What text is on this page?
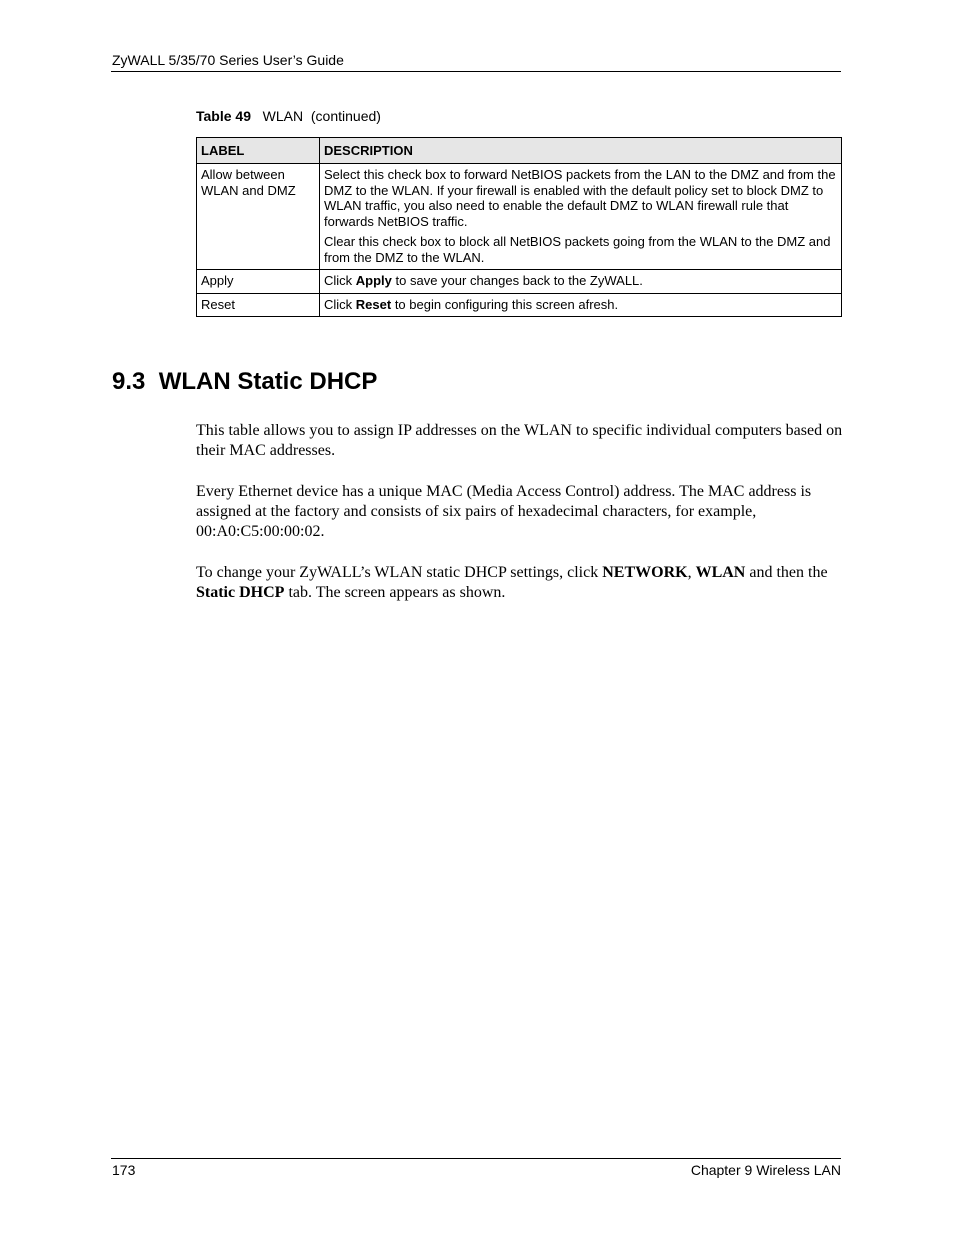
ZyWALL 5/35/70 Series User’s Guide
Table 49 WLAN  (continued)
LABEL	DESCRIPTION
Allow between WLAN and DMZ	Select this check box to forward NetBIOS packets from the LAN to the DMZ and from the DMZ to the WLAN. If your firewall is enabled with the default policy set to block DMZ to WLAN traffic, you also need to enable the default DMZ to WLAN firewall rule that forwards NetBIOS traffic.

Clear this check box to block all NetBIOS packets going from the WLAN to the DMZ and from the DMZ to the WLAN.

Apply	Click Apply to save your changes back to the ZyWALL.
Reset	Click Reset to begin configuring this screen afresh.
9.3  WLAN Static DHCP

This table allows you to assign IP addresses on the WLAN to specific individual computers based on their MAC addresses.

Every Ethernet device has a unique MAC (Media Access Control) address. The MAC address is assigned at the factory and consists of six pairs of hexadecimal characters, for example, 00:A0:C5:00:00:02.

To change your ZyWALL’s WLAN static DHCP settings, click NETWORK, WLAN and then the Static DHCP tab. The screen appears as shown.

173	Chapter 9 Wireless LAN
